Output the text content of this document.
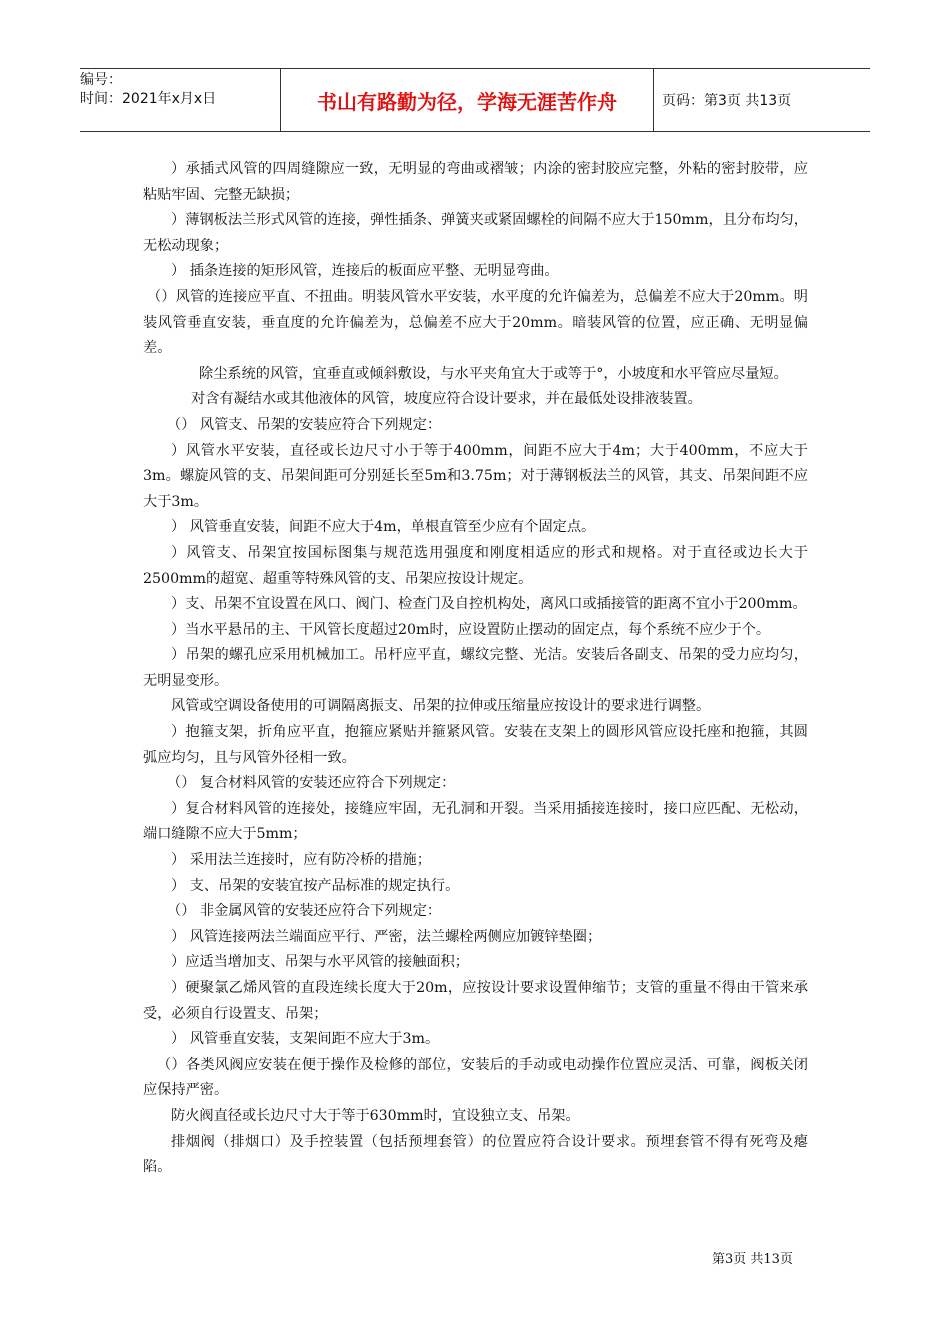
编号：
时间：2021年x月x日	书山有路勤为径，学海无涯苦作舟	页码：第3页 共13页

）承插式风管的四周缝隙应一致，无明显的弯曲或褶皱；内涂的密封胶应完整，外粘的密封胶带，应粘贴牢固、完整无缺损；

）薄钢板法兰形式风管的连接，弹性插条、弹簧夹或紧固螺栓的间隔不应大于150mm，且分布均匀，无松动现象；

） 插条连接的矩形风管，连接后的板面应平整、无明显弯曲。

（）风管的连接应平直、不扭曲。明装风管水平安装，水平度的允许偏差为，总偏差不应大于20mm。明装风管垂直安装，垂直度的允许偏差为，总偏差不应大于20mm。暗装风管的位置，应正确、无明显偏差。

除尘系统的风管，宜垂直或倾斜敷设，与水平夹角宜大于或等于°，小坡度和水平管应尽量短。

对含有凝结水或其他液体的风管，坡度应符合设计要求，并在最低处设排液装置。

（） 风管支、吊架的安装应符合下列规定：

）风管水平安装，直径或长边尺寸小于等于400mm，间距不应大于4m；大于400mm，不应大于3m。螺旋风管的支、吊架间距可分别延长至5m和3.75m；对于薄钢板法兰的风管，其支、吊架间距不应大于3m。

） 风管垂直安装，间距不应大于4m，单根直管至少应有个固定点。

）风管支、吊架宜按国标图集与规范选用强度和刚度相适应的形式和规格。对于直径或边长大于2500mm的超宽、超重等特殊风管的支、吊架应按设计规定。

）支、吊架不宜设置在风口、阀门、检查门及自控机构处，离风口或插接管的距离不宜小于200mm。

）当水平悬吊的主、干风管长度超过20m时，应设置防止摆动的固定点，每个系统不应少于个。

）吊架的螺孔应采用机械加工。吊杆应平直，螺纹完整、光洁。安装后各副支、吊架的受力应均匀，无明显变形。

风管或空调设备使用的可调隔离振支、吊架的拉伸或压缩量应按设计的要求进行调整。

）抱箍支架，折角应平直，抱箍应紧贴并箍紧风管。安装在支架上的圆形风管应设托座和抱箍，其圆弧应均匀，且与风管外径相一致。

（） 复合材料风管的安装还应符合下列规定：

）复合材料风管的连接处，接缝应牢固，无孔洞和开裂。当采用插接连接时，接口应匹配、无松动，端口缝隙不应大于5mm；

） 采用法兰连接时，应有防冷桥的措施；

） 支、吊架的安装宜按产品标准的规定执行。

（） 非金属风管的安装还应符合下列规定：

） 风管连接两法兰端面应平行、严密，法兰螺栓两侧应加镀锌垫圈；

）应适当增加支、吊架与水平风管的接触面积；

）硬聚氯乙烯风管的直段连续长度大于20m，应按设计要求设置伸缩节；支管的重量不得由干管来承受，必须自行设置支、吊架；

） 风管垂直安装，支架间距不应大于3m。

（）各类风阀应安装在便于操作及检修的部位，安装后的手动或电动操作位置应灵活、可靠，阀板关闭应保持严密。

防火阀直径或长边尺寸大于等于630mm时，宜设独立支、吊架。

排烟阀（排烟口）及手控装置（包括预埋套管）的位置应符合设计要求。预埋套管不得有死弯及瘪陷。

第3页 共13页
